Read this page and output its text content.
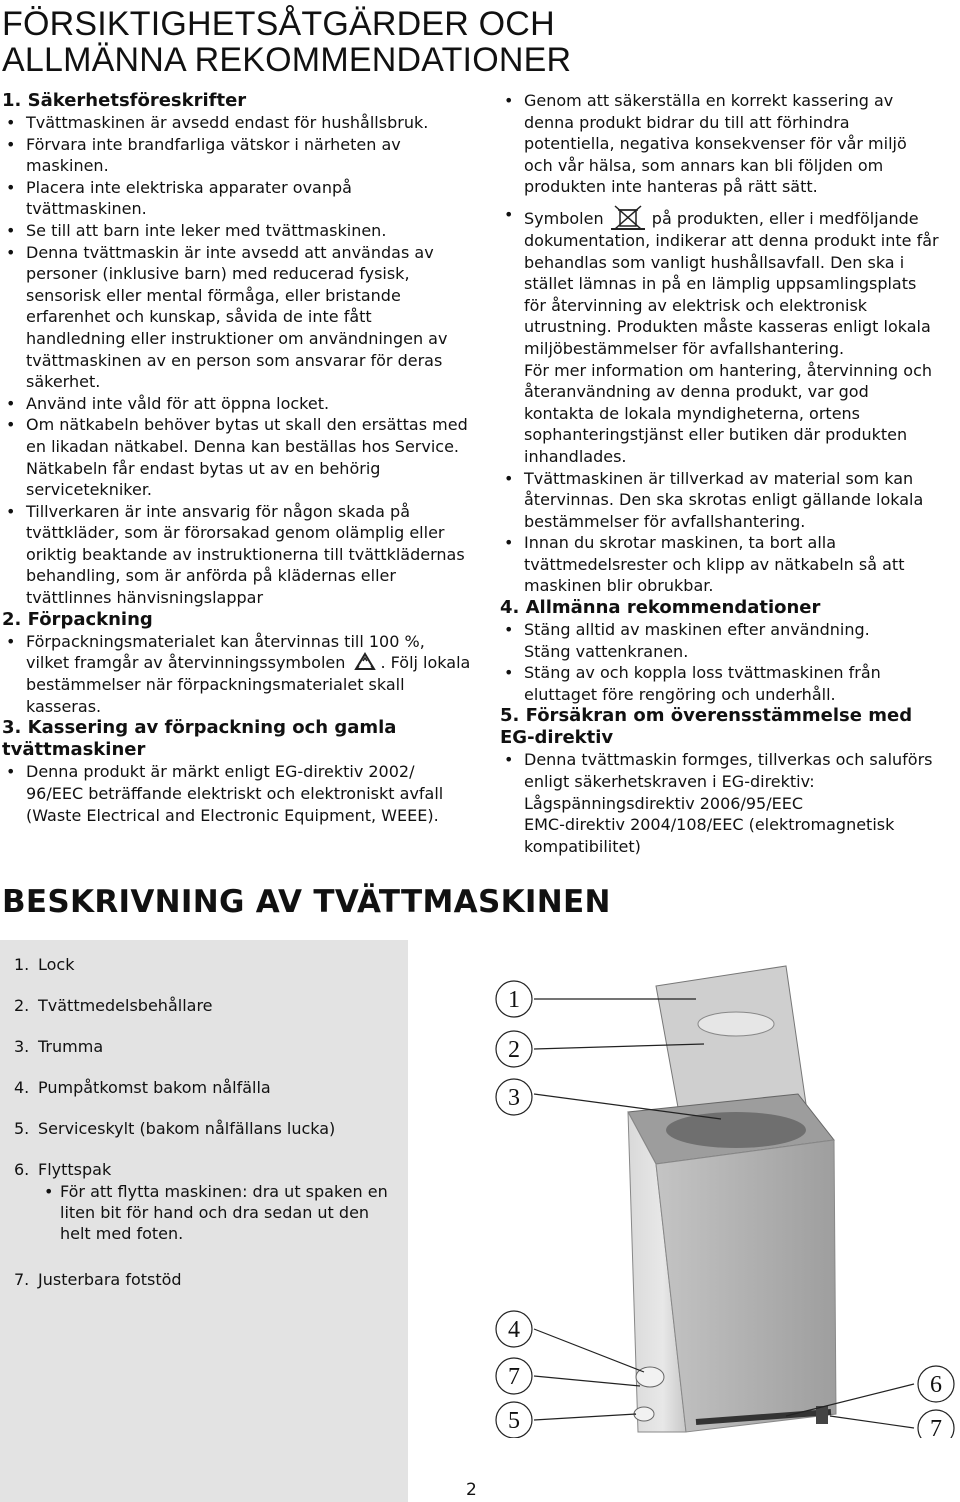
FÖRSIKTIGHETSÅTGÄRDER OCH
ALLMÄNNA REKOMMENDATIONER
1. Säkerhetsföreskrifter
• Tvättmaskinen är avsedd endast för hushållsbruk.
• Förvara inte brandfarliga vätskor i närheten av maskinen.
• Placera inte elektriska apparater ovanpå tvättmaskinen.
• Se till att barn inte leker med tvättmaskinen.
• Denna tvättmaskin är inte avsedd att användas av personer (inklusive barn) med reducerad fysisk, sensorisk eller mental förmåga, eller bristande erfarenhet och kunskap, såvida de inte fått handledning eller instruktioner om användningen av tvättmaskinen av en person som ansvarar för deras säkerhet.
• Använd inte våld för att öppna locket.
• Om nätkabeln behöver bytas ut skall den ersättas med en likadan nätkabel. Denna kan beställas hos Service. Nätkabeln får endast bytas ut av en behörig servicetekniker.
• Tillverkaren är inte ansvarig för någon skada på tvättkläder, som är förorsakad genom olämplig eller oriktig beaktande av instruktionerna till tvättklädernas behandling, som är anförda på klädernas eller tvättlinnes hänvisningslappar
2. Förpackning
• Förpackningsmaterialet kan återvinnas till 100 %, vilket framgår av återvinningssymbolen . Följ lokala bestämmelser när förpackningsmaterialet skall kasseras.
3. Kassering av förpackning och gamla tvättmaskiner
• Denna produkt är märkt enligt EG-direktiv 2002/ 96/EEC beträffande elektriskt och elektroniskt avfall (Waste Electrical and Electronic Equipment, WEEE).
• Genom att säkerställa en korrekt kassering av denna produkt bidrar du till att förhindra potentiella, negativa konsekvenser för vår miljö och vår hälsa, som annars kan bli följden om produkten inte hanteras på rätt sätt.
• Symbolen	på produkten, eller i medföljande dokumentation, indikerar att denna produkt inte får behandlas som vanligt hushållsavfall. Den ska i stället lämnas in på en lämplig uppsamlingsplats för återvinning av elektrisk och elektronisk utrustning. Produkten måste kasseras enligt lokala miljöbestämmelser för avfallshantering.
För mer information om hantering, återvinning och återanvändning av denna produkt, var god kontakta de lokala myndigheterna, ortens sophanteringstjänst eller butiken där produkten inhandlades.
• Tvättmaskinen är tillverkad av material som kan återvinnas. Den ska skrotas enligt gällande lokala bestämmelser för avfallshantering.
• Innan du skrotar maskinen, ta bort alla tvättmedelsrester och klipp av nätkabeln så att maskinen blir obrukbar.
4. Allmänna rekommendationer
• Stäng alltid av maskinen efter användning.
Stäng vattenkranen.
• Stäng av och koppla loss tvättmaskinen från eluttaget före rengöring och underhåll.
5. Försäkran om överensstämmelse med EG-direktiv
• Denna tvättmaskin formges, tillverkas och saluförs enligt säkerhetskraven i EG-direktiv:
Lågspänningsdirektiv 2006/95/EEC
EMC-direktiv 2004/108/EEC (elektromagnetisk kompatibilitet)
BESKRIVNING AV TVÄTTMASKINEN
1. Lock
2. Tvättmedelsbehållare
3. Trumma
4. Pumpåtkomst bakom nålfälla
5. Serviceskylt (bakom nålfällans lucka)
6. Flyttspak
• För att flytta maskinen: dra ut spaken en liten bit för hand och dra sedan ut den helt med foten.
7. Justerbara fotstöd
1
2
3
4
7
5
6
7
2
